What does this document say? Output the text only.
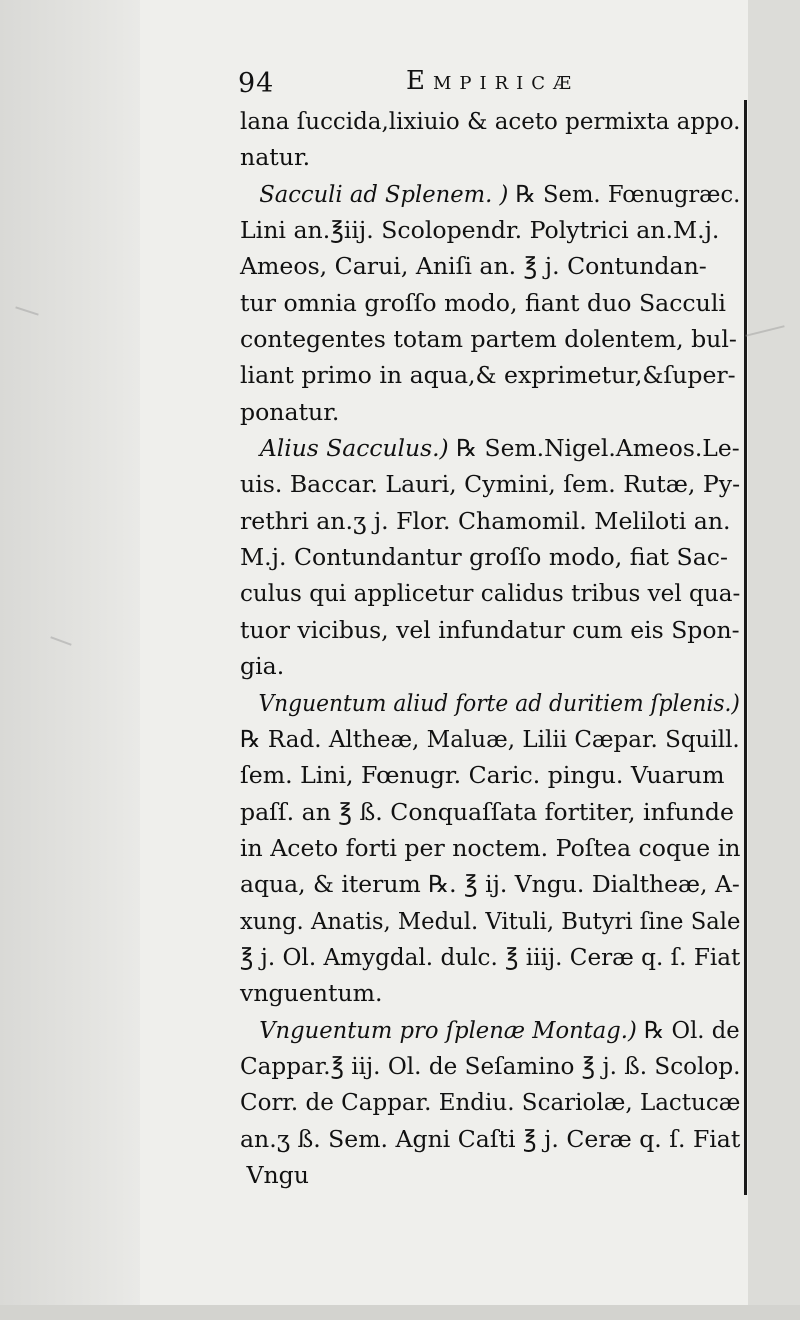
94	Empiricæ
lana ſuccida,lixiuio & aceto permixta appo.
natur.
Sacculi ad Splenem. ) ℞ Sem. Fœnugræc.
Lini an.℥iij. Scolopendr. Polytrici an.M.j.
Ameos, Carui, Aniſi an. ℥ j. Contundan-
tur omnia groſſo modo, fiant duo Sacculi
contegentes totam partem dolentem, bul-
liant primo in aqua,& exprimetur,&ſuper-
ponatur.
Alius Sacculus.) ℞ Sem.Nigel.Ameos.Le-
uis. Baccar. Lauri, Cymini, ſem. Rutæ, Py-
rethri an.ʒ j. Flor. Chamomil. Meliloti an.
M.j. Contundantur groſſo modo, fiat Sac-
culus qui applicetur calidus tribus vel qua-
tuor vicibus, vel infundatur cum eis Spon-
gia.
Vnguentum aliud forte ad duritiem ſplenis.)
℞ Rad. Altheæ, Maluæ, Lilii Cæpar. Squill.
ſem. Lini, Fœnugr. Caric. pingu. Vuarum
paſſ. an ℥ ß. Conquaſſata fortiter, infunde
in Aceto forti per noctem. Poſtea coque in
aqua, & iterum ℞. ℥ ij. Vngu. Dialtheæ, A-
xung. Anatis, Medul. Vituli, Butyri ſine Sale
℥ j. Ol. Amygdal. dulc. ℥ iiij. Ceræ q. ſ. Fiat
vnguentum.
Vnguentum pro ſplenæ Montag.) ℞ Ol. de
Cappar.℥ iij. Ol. de Seſamino ℥ j. ß. Scolop.
Corr. de Cappar. Endiu. Scariolæ, Lactucæ
an.ʒ ß. Sem. Agni Caſti ℥ j. Ceræ q. ſ. Fiat
Vngu
